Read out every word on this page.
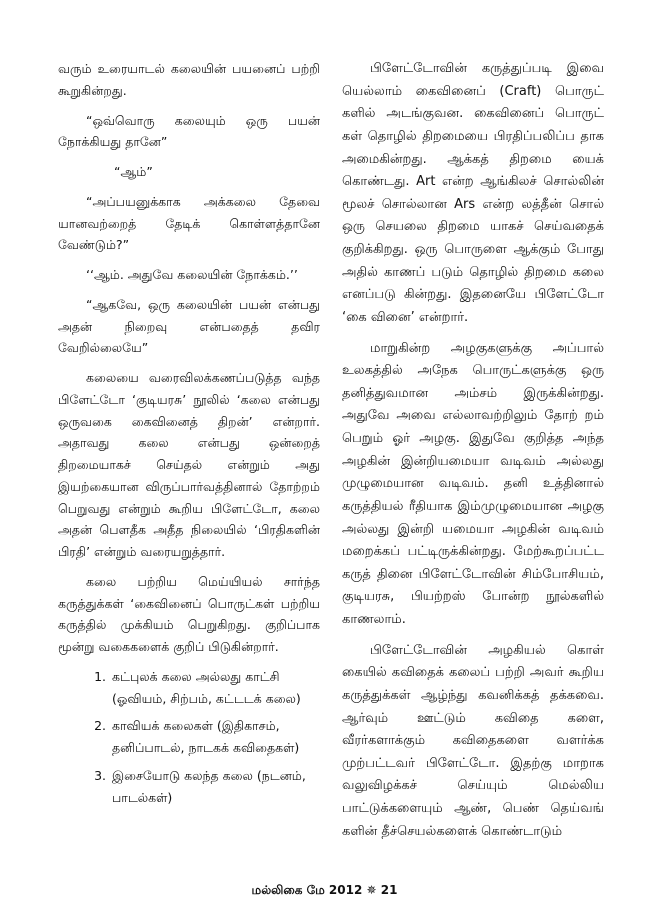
வரும் உரையாடல் கலையின் பயனைப் பற்றி கூறுகின்றது.

“ஒவ்வொரு கலையும் ஒரு பயன் நோக்கியது தானே”

“ஆம்”

“அப்பயனுக்காக அக்கலை தேவை யானவற்றைத் தேடிக் கொள்ளத்தானே வேண்டும்?”

‘‘ஆம். அதுவே கலையின் நோக்கம்.’’

“ஆகவே, ஒரு கலையின் பயன் என்பது அதன் நிறைவு என்பதைத் தவிர வேறில்லையே”

கலையை வரைவிலக்கணப்படுத்த வந்த பிளேட்டோ ‘குடியரசு’ நூலில் ‘கலை என்பது ஒருவகை கைவினைத் திறன்’ என்றார். அதாவது கலை என்பது ஒன்றைத் திறமையாகச் செய்தல் என்றும் அது இயற்கையான விருப்பார்வத்தினால் தோற்றம் பெறுவது என்றும் கூறிய பிளேட்டோ, கலை அதன் பௌதீக அதீத நிலையில் ‘பிரதிகளின் பிரதி’ என்றும் வரையறுத்தார்.

கலை பற்றிய மெய்யியல் சார்ந்த கருத்துக்கள் ‘கைவினைப் பொருட்கள் பற்றிய கருத்தில் முக்கியம் பெறுகிறது. குறிப்பாக மூன்று வகைகளைக் குறிப் பிடுகின்றார்.

1. கட்புலக் கலை அல்லது காட்சி (ஓவியம், சிற்பம், கட்டடக் கலை)
2. காவியக் கலைகள் (இதிகாசம், தனிப்பாடல், நாடகக் கவிதைகள்)
3. இசையோடு கலந்த கலை (நடனம், பாடல்கள்)

பிளேட்டோவின் கருத்துப்படி இவை யெல்லாம் கைவினைப் (Craft) பொருட் களில் அடங்குவன. கைவினைப் பொருட் கள் தொழில் திறமையை பிரதிப்பலிப்ப தாக அமைகின்றது. ஆக்கத் திறமை யைக் கொண்டது. Art என்ற ஆங்கிலச் சொல்லின் மூலச் சொல்லான Ars என்ற லத்தீன் சொல் ஒரு செயலை திறமை யாகச் செய்வதைக் குறிக்கிறது. ஒரு பொருளை ஆக்கும் போது அதில் காணப் படும் தொழில் திறமை கலை எனப்படு கின்றது. இதனையே பிளேட்டோ ‘கை வினை’ என்றார்.

மாறுகின்ற அழகுகளுக்கு அப்பால் உலகத்தில் அநேக பொருட்களுக்கு ஒரு தனித்துவமான அம்சம் இருக்கின்றது. அதுவே அவை எல்லாவற்றிலும் தோற் றம் பெறும் ஓர் அழகு. இதுவே குறித்த அந்த அழகின் இன்றியமையா வடிவம் அல்லது முழுமையான வடிவம். தனி உத்தினால் கருத்தியல் ரீதியாக இம்முழுமையான அழகு அல்லது இன்றி யமையா அழகின் வடிவம் மறைக்கப் பட்டிருக்கின்றது. மேற்கூறப்பட்ட கருத் தினை பிளேட்டோவின் சிம்போசியம், குடியரசு, பியற்றஸ் போன்ற நூல்களில் காணலாம்.

பிளேட்டோவின் அழகியல் கொள் கையில் கவிதைக் கலைப் பற்றி அவர் கூறிய கருத்துக்கள் ஆழ்ந்து கவனிக்கத் தக்கவை. ஆர்வும் ஊட்டும் கவிதை களை, வீரர்களாக்கும் கவிதைகளை வளர்க்க முற்பட்டவர் பிளேட்டோ. இதற்கு மாறாக வலுவிழக்கச் செய்யும் மெல்லிய பாட்டுக்களையும் ஆண், பெண் தெய்வங் களின் தீச்செயல்களைக் கொண்டாடும்

மல்லிகை மே 2012 ✵ 21
